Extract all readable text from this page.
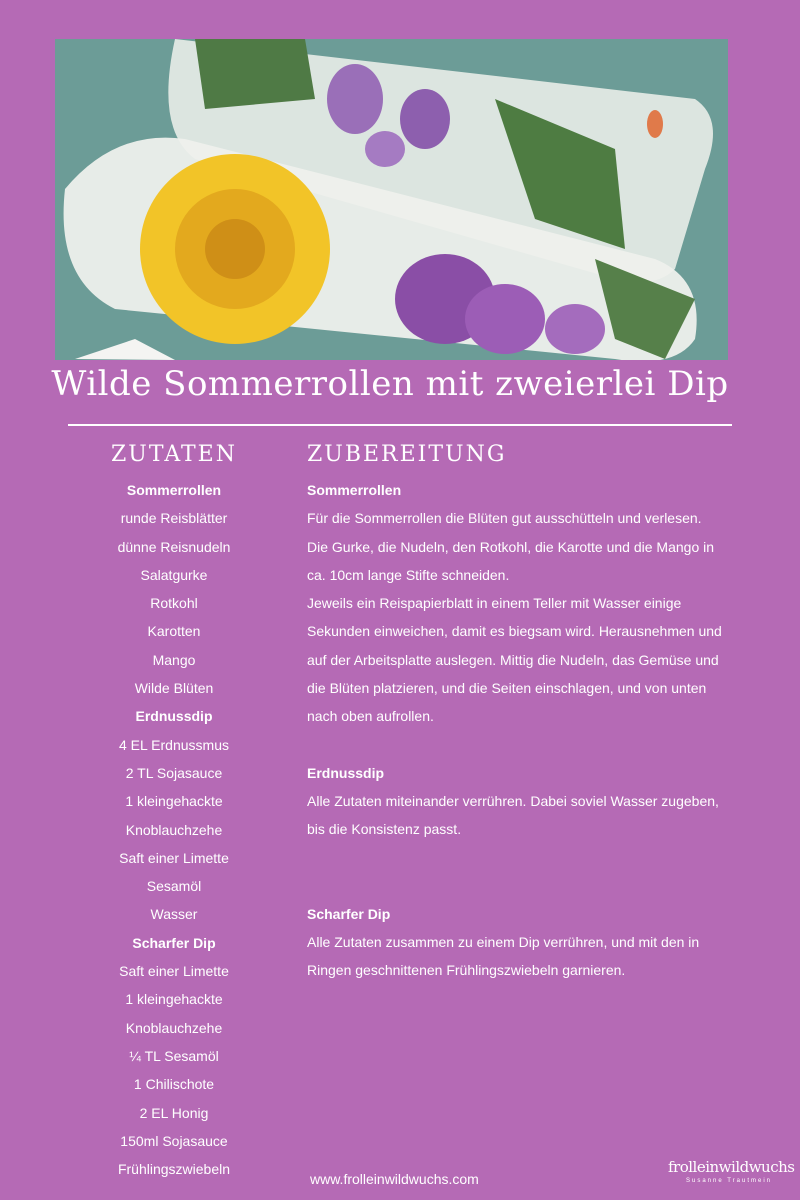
Wilde Sommerrollen mit zweierlei Dip
ZUTATEN
Sommerrollen
runde Reisblätter
dünne Reisnudeln
Salatgurke
Rotkohl
Karotten
Mango
Wilde Blüten
Erdnussdip
4 EL Erdnussmus
2 TL Sojasauce
1 kleingehackte
Knoblauchzehe
Saft einer Limette
Sesamöl
Wasser
Scharfer Dip
Saft einer Limette
1 kleingehackte
Knoblauchzehe
¼ TL Sesamöl
1 Chilischote
2 EL Honig
150ml Sojasauce
Frühlingszwiebeln
ZUBEREITUNG
Sommerrollen
Für die Sommerrollen die Blüten gut ausschütteln und verlesen.
Die Gurke, die Nudeln, den Rotkohl, die Karotte und die Mango in
ca. 10cm lange Stifte schneiden.
Jeweils ein Reispapierblatt in einem Teller mit Wasser einige
Sekunden einweichen, damit es biegsam wird. Herausnehmen und
auf der Arbeitsplatte auslegen. Mittig die Nudeln, das Gemüse und
die Blüten platzieren, und die Seiten einschlagen, und von unten
nach oben aufrollen.
Erdnussdip
Alle Zutaten miteinander verrühren. Dabei soviel Wasser zugeben,
bis die Konsistenz passt.
Scharfer Dip
Alle Zutaten zusammen zu einem Dip verrühren, und mit den in
Ringen geschnittenen Frühlingszwiebeln garnieren.
www.frolleinwildwuchs.com
frolleinwildwuchs
Susanne Trautmein
